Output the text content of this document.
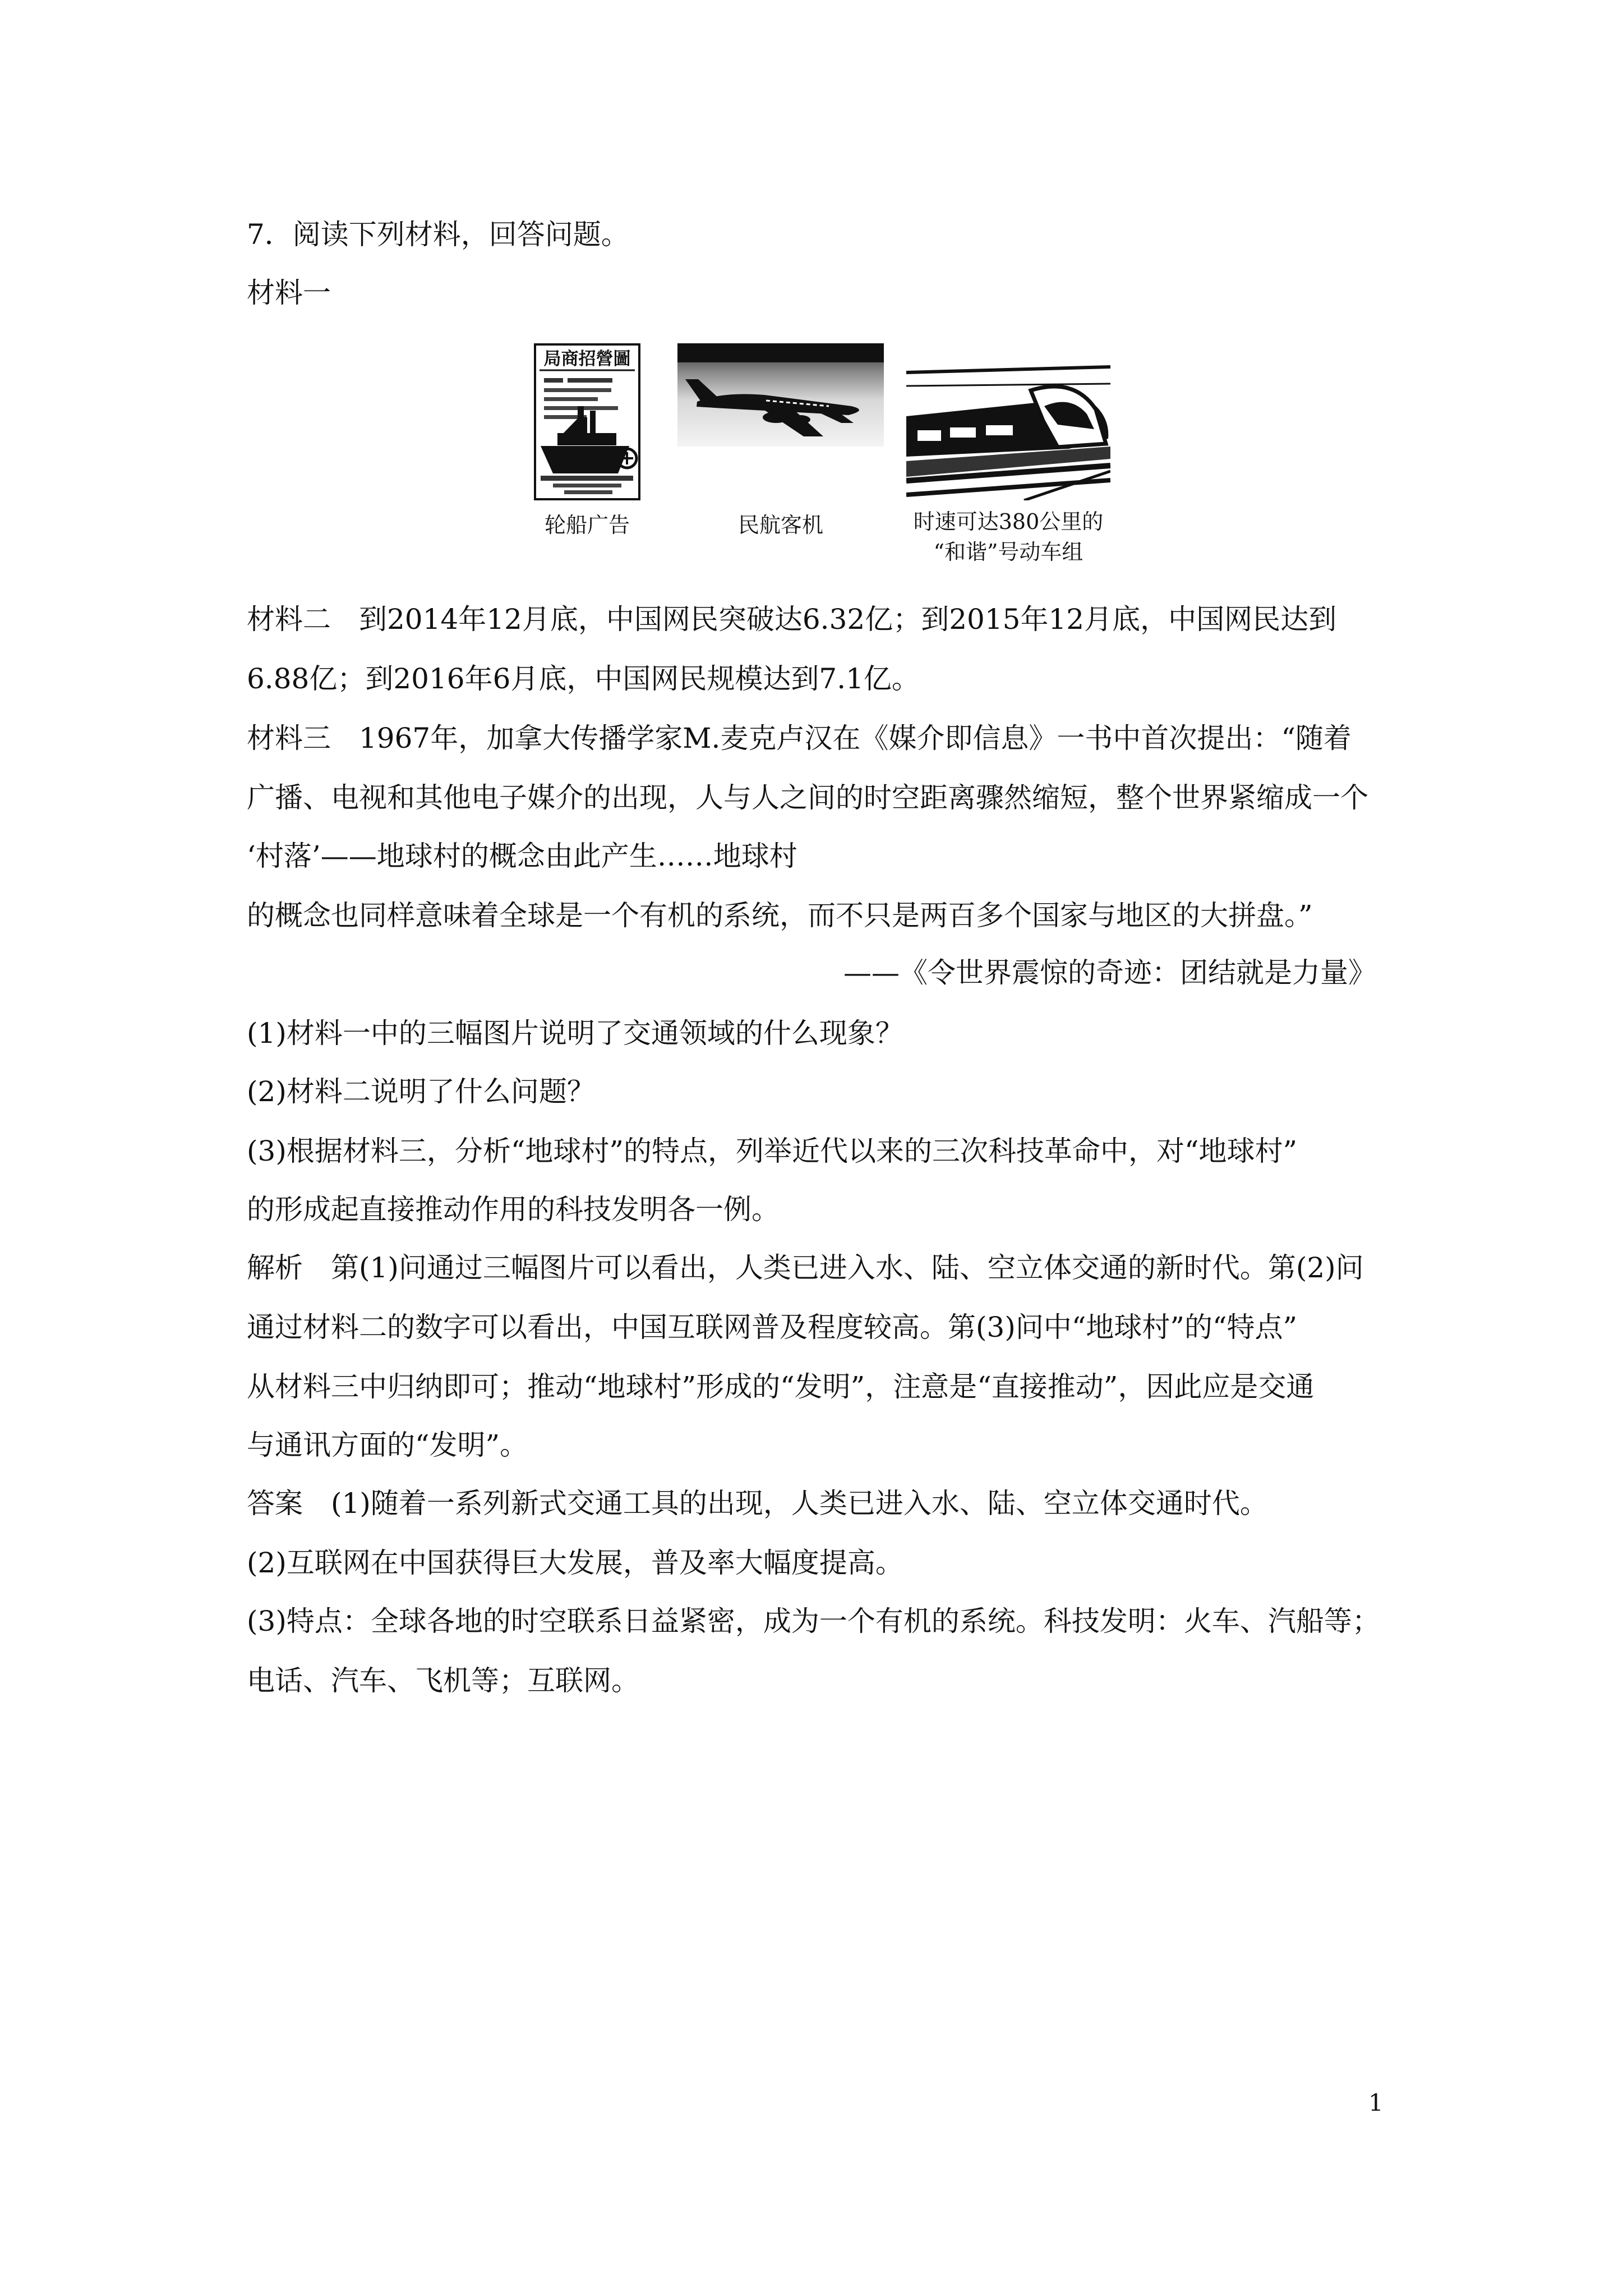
7．阅读下列材料，回答问题。
材料一
局商招營圖
轮船广告	民航客机	时速可达380公里的
“和谐”号动车组
材料二　到2014年12月底，中国网民突破达6.32亿；到2015年12月底，中国网民达到
6.88亿；到2016年6月底，中国网民规模达到7.1亿。
材料三　1967年，加拿大传播学家M.麦克卢汉在《媒介即信息》一书中首次提出：“随着
广播、电视和其他电子媒介的出现，人与人之间的时空距离骤然缩短，整个世界紧缩成一个
‘村落’——地球村的概念由此产生……地球村
的概念也同样意味着全球是一个有机的系统，而不只是两百多个国家与地区的大拼盘。”
——《令世界震惊的奇迹：团结就是力量》
(1)材料一中的三幅图片说明了交通领域的什么现象？
(2)材料二说明了什么问题？
(3)根据材料三，分析“地球村”的特点，列举近代以来的三次科技革命中，对“地球村”
的形成起直接推动作用的科技发明各一例。
解析　第(1)问通过三幅图片可以看出，人类已进入水、陆、空立体交通的新时代。第(2)问
通过材料二的数字可以看出，中国互联网普及程度较高。第(3)问中“地球村”的“特点”
从材料三中归纳即可；推动“地球村”形成的“发明”，注意是“直接推动”，因此应是交通
与通讯方面的“发明”。
答案　(1)随着一系列新式交通工具的出现，人类已进入水、陆、空立体交通时代。
(2)互联网在中国获得巨大发展，普及率大幅度提高。
(3)特点：全球各地的时空联系日益紧密，成为一个有机的系统。科技发明：火车、汽船等；
电话、汽车、飞机等；互联网。
1
